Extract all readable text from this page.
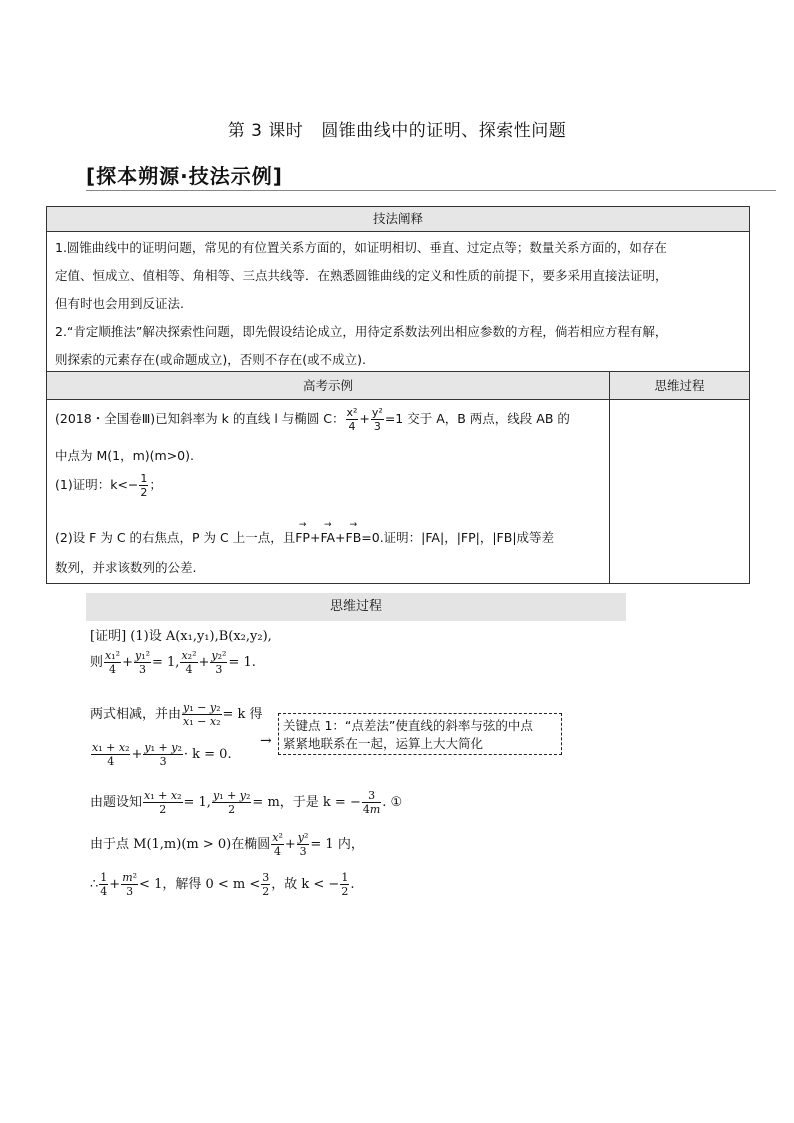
第 3 课时 圆锥曲线中的证明、探索性问题
[探本朔源·技法示例]
技法阐释
1.圆锥曲线中的证明问题，常见的有位置关系方面的，如证明相切、垂直、过定点等；数量关系方面的，如存在
定值、恒成立、值相等、角相等、三点共线等．在熟悉圆锥曲线的定义和性质的前提下，要多采用直接法证明，
但有时也会用到反证法.
2.“肯定顺推法”解决探索性问题，即先假设结论成立，用待定系数法列出相应参数的方程，倘若相应方程有解，
则探索的元素存在(或命题成立)，否则不存在(或不成立).
高考示例	思维过程
(2018・全国卷Ⅲ)已知斜率为 k 的直线 l 与椭圆 C： $\frac{\text{x²}}{4} + \frac{\text{y²}}{3} =1$ 交于 A，B 两点，线段 AB 的
中点为 M(1，m)(m>0).
(1)证明：$k<- \frac{1}{2}$ ；
(2)设 F 为 C 的右焦点，P 为 C 上一点，且→ FP+→ FA+→ FB=0.证明：|FA|，|FP|，|FB|成等差
数列，并求该数列的公差.
思维过程
[证明] (1)设 A(x₁,y₁),B(x₂,y₂),
则 $\frac{\text{x₁²}}{4} + \frac{\text{y₁²}}{3} = 1$, $\frac{\text{x₂²}}{4} + \frac{\text{y₂²}}{3} = 1$.
两式相减，并由 $\frac{\text{y₁ − y₂}}{\text{x₁ − x₂}} = k$ 得
→
关键点 1：“点差法”使直线的斜率与弦的中点
紧紧地联系在一起，运算上大大简化
$\frac{\text{x₁ + x₂}}{4} + \frac{\text{y₁ + y₂}}{3} \cdot k = 0$.
由题设知 $\frac{\text{x₁ + x₂}}{2} = 1$, $\frac{\text{y₁ + y₂}}{2} = m$，于是 k = − $\frac{3}{4m}$ . ①
由于点 M(1,m)(m > 0)在椭圆 $\frac{\text{x²}}{4} + \frac{\text{y²}}{3} = 1$ 内，
∴ $\frac{1}{4} + \frac{\text{m²}}{3} < 1$，解得 $0 < m < \frac{3}{2}$ ，故 k < − $\frac{1}{2}$ .
